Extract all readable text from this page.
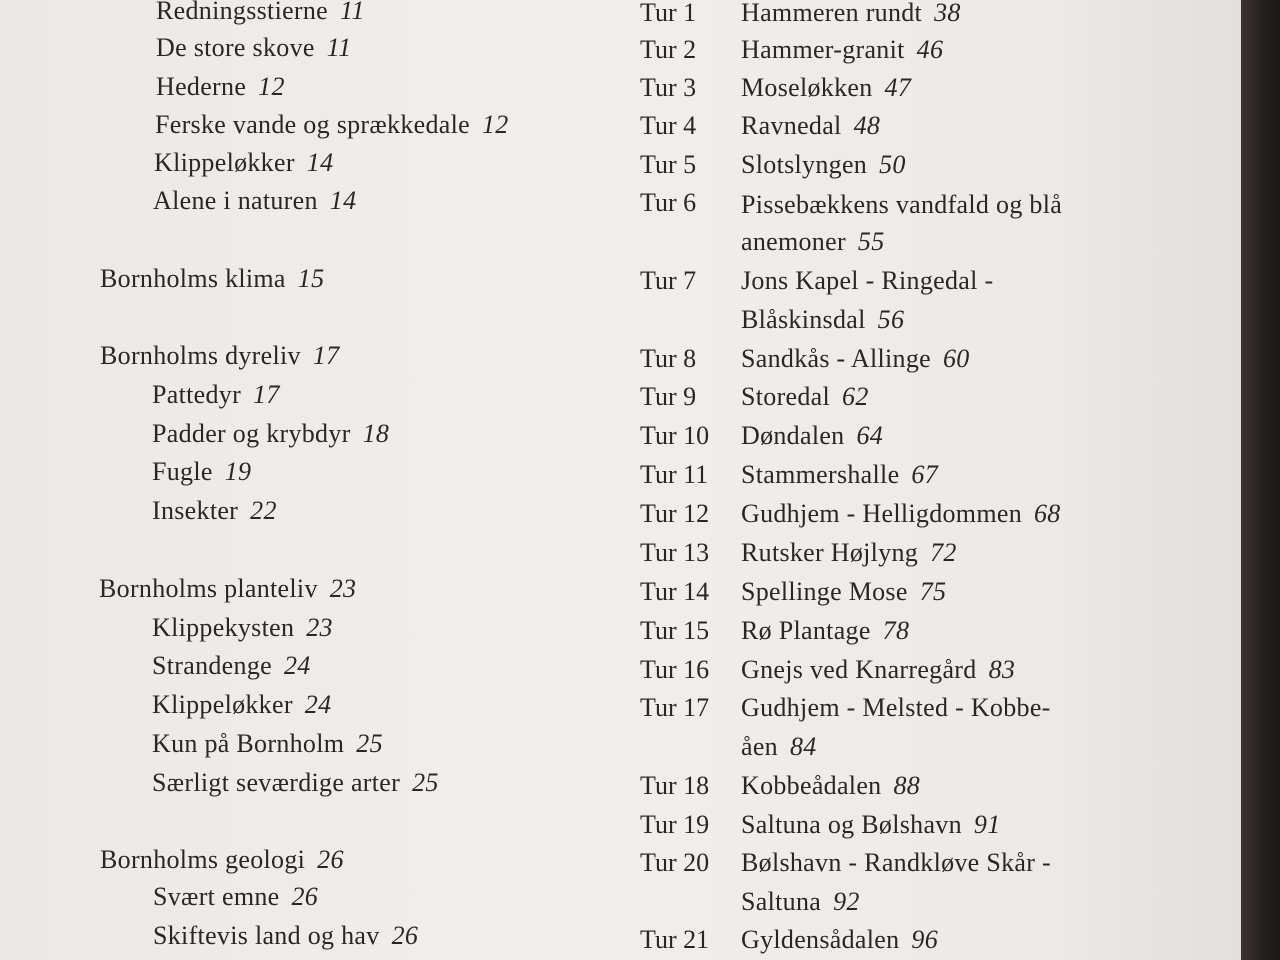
Redningsstierne 11
De store skove 11
Hederne 12
Ferske vande og sprækkedale 12
Klippeløkker 14
Alene i naturen 14
Bornholms klima 15
Bornholms dyreliv 17
Pattedyr 17
Padder og krybdyr 18
Fugle 19
Insekter 22
Bornholms planteliv 23
Klippekysten 23
Strandenge 24
Klippeløkker 24
Kun på Bornholm 25
Særligt seværdige arter 25
Bornholms geologi 26
Svært emne 26
Skiftevis land og hav 26
Tur 1 Hammeren rundt 38
Tur 2 Hammer-granit 46
Tur 3 Moseløkken 47
Tur 4 Ravnedal 48
Tur 5 Slotslyngen 50
Tur 6 Pissebækkens vandfald og blå
anemoner 55
Tur 7 Jons Kapel - Ringedal -
Blåskinsdal 56
Tur 8 Sandkås - Allinge 60
Tur 9 Storedal 62
Tur 10 Døndalen 64
Tur 11 Stammershalle 67
Tur 12 Gudhjem - Helligdommen 68
Tur 13 Rutsker Højlyng 72
Tur 14 Spellinge Mose 75
Tur 15 Rø Plantage 78
Tur 16 Gnejs ved Knarregård 83
Tur 17 Gudhjem - Melsted - Kobbe-
åen 84
Tur 18 Kobbeådalen 88
Tur 19 Saltuna og Bølshavn 91
Tur 20 Bølshavn - Randkløve Skår -
Saltuna 92
Tur 21 Gyldensådalen 96
